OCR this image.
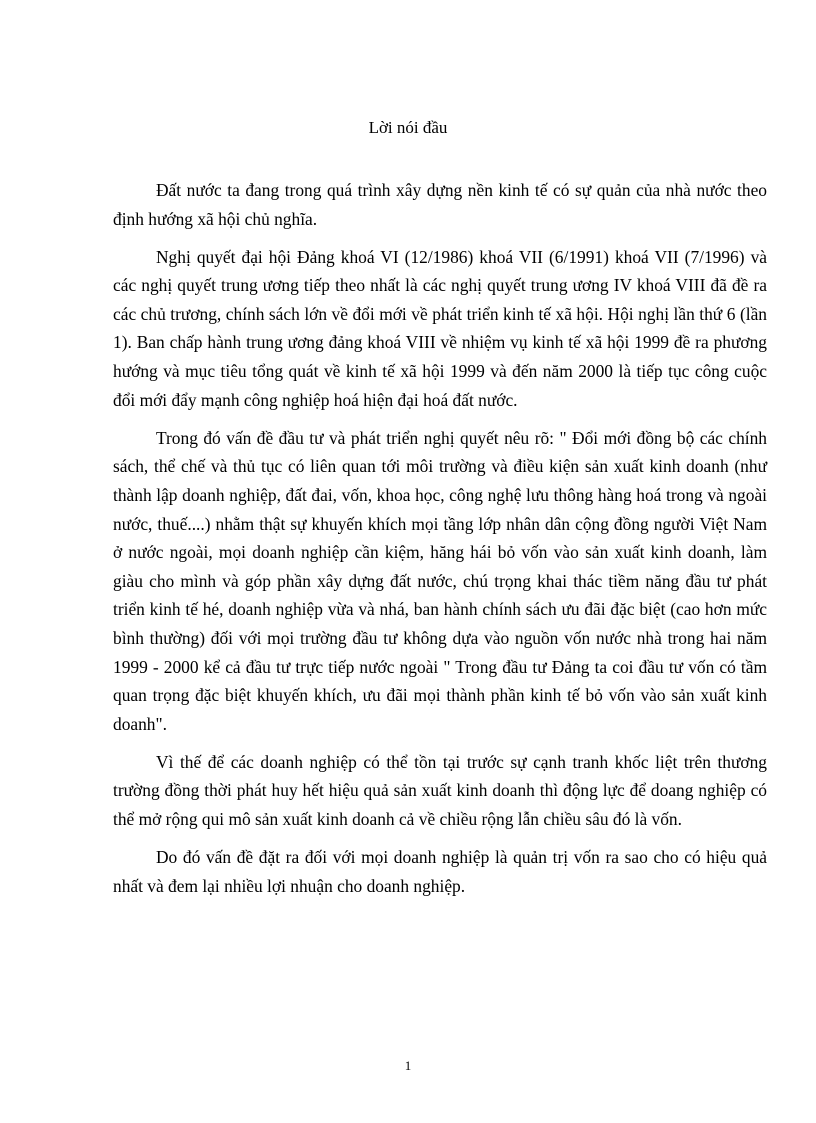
Lời nói đầu

Đất nước ta đang trong quá trình xây dựng nền kinh tế có sự quản của nhà nước theo định hướng xã hội chủ nghĩa.

Nghị quyết đại hội Đảng khoá VI (12/1986) khoá VII (6/1991) khoá VII (7/1996) và các nghị quyết trung ương tiếp theo nhất là các nghị quyết trung ương IV khoá VIII đã đề ra các chủ trương, chính sách lớn về đổi mới về phát triển kinh tế xã hội. Hội nghị lần thứ 6 (lần 1). Ban chấp hành trung ương đảng khoá VIII về nhiệm vụ kinh tế xã hội 1999 đề ra phương hướng và mục tiêu tổng quát về kinh tế xã hội 1999 và đến năm 2000 là tiếp tục công cuộc đổi mới đẩy mạnh công nghiệp hoá hiện đại hoá đất nước.

Trong đó vấn đề đầu tư và phát triển nghị quyết nêu rõ: " Đổi mới đồng bộ các chính sách, thể chế và thủ tục có liên quan tới môi trường và điều kiện sản xuất kinh doanh (như thành lập doanh nghiệp, đất đai, vốn, khoa học, công nghệ lưu thông hàng hoá trong và ngoài nước, thuế....) nhằm thật sự khuyến khích mọi tầng lớp nhân dân cộng đồng người Việt Nam ở nước ngoài, mọi doanh nghiệp cần kiệm, hăng hái bỏ vốn vào sản xuất kinh doanh, làm giàu cho mình và góp phần xây dựng đất nước, chú trọng khai thác tiềm năng đầu tư phát triển kinh tế hé, doanh nghiệp vừa và nhá, ban hành chính sách ưu đãi đặc biệt (cao hơn mức bình thường) đối với mọi trường đầu tư không dựa vào nguồn vốn nước nhà trong hai năm 1999 - 2000 kể cả đầu tư trực tiếp nước ngoài " Trong đầu tư Đảng ta coi đầu tư vốn có tầm quan trọng đặc biệt khuyến khích, ưu đãi mọi thành phần kinh tế bỏ vốn vào sản xuất kinh doanh".

Vì thế để các doanh nghiệp có thể tồn tại trước sự cạnh tranh khốc liệt trên thương trường đồng thời phát huy hết hiệu quả sản xuất kinh doanh thì động lực để doang nghiệp có thể mở rộng qui mô sản xuất kinh doanh cả về chiều rộng lẫn chiều sâu đó là vốn.

Do đó vấn đề đặt ra đối với mọi doanh nghiệp là quản trị vốn ra sao cho có hiệu quả nhất và đem lại nhiều lợi nhuận cho doanh nghiệp.

1
